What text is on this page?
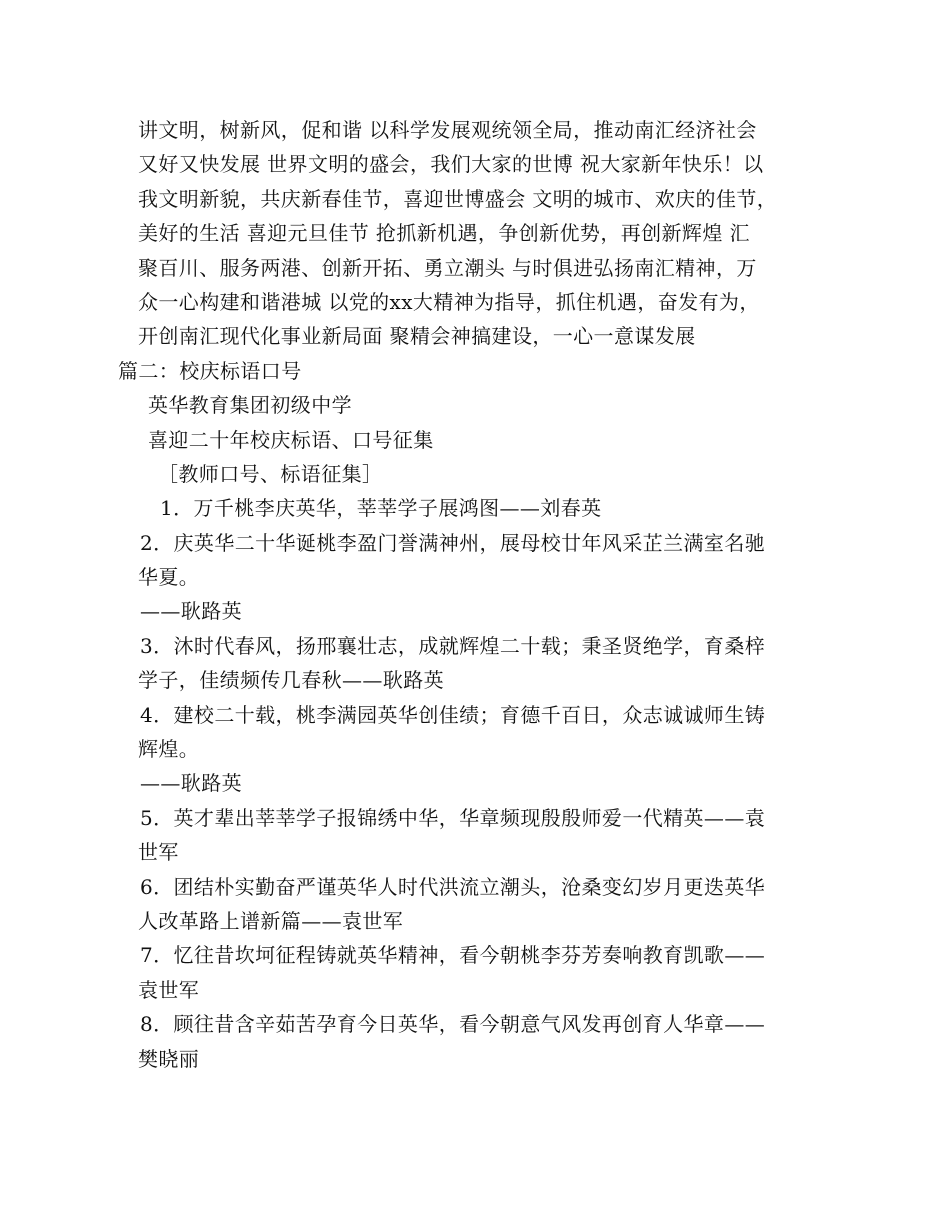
讲文明，树新风，促和谐 以科学发展观统领全局，推动南汇经济社会
又好又快发展 世界文明的盛会，我们大家的世博 祝大家新年快乐！以
我文明新貌，共庆新春佳节，喜迎世博盛会 文明的城市、欢庆的佳节，
美好的生活 喜迎元旦佳节 抢抓新机遇，争创新优势，再创新辉煌 汇
聚百川、服务两港、创新开拓、勇立潮头 与时俱进弘扬南汇精神，万
众一心构建和谐港城 以党的xx大精神为指导，抓住机遇，奋发有为，
开创南汇现代化事业新局面 聚精会神搞建设，一心一意谋发展
篇二：校庆标语口号
英华教育集团初级中学
喜迎二十年校庆标语、口号征集
［教师口号、标语征集］
1．万千桃李庆英华，莘莘学子展鸿图——刘春英
2．庆英华二十华诞桃李盈门誉满神州，展母校廿年风采芷兰满室名驰
华夏。
——耿路英
3．沐时代春风，扬邢襄壮志，成就辉煌二十载；秉圣贤绝学，育桑梓
学子，佳绩频传几春秋——耿路英
4．建校二十载，桃李满园英华创佳绩；育德千百日，众志诚诚师生铸
辉煌。
——耿路英
5．英才辈出莘莘学子报锦绣中华，华章频现殷殷师爱一代精英——袁
世军
6．团结朴实勤奋严谨英华人时代洪流立潮头，沧桑变幻岁月更迭英华
人改革路上谱新篇——袁世军
7．忆往昔坎坷征程铸就英华精神，看今朝桃李芬芳奏响教育凯歌——
袁世军
8．顾往昔含辛茹苦孕育今日英华，看今朝意气风发再创育人华章——
樊晓丽
